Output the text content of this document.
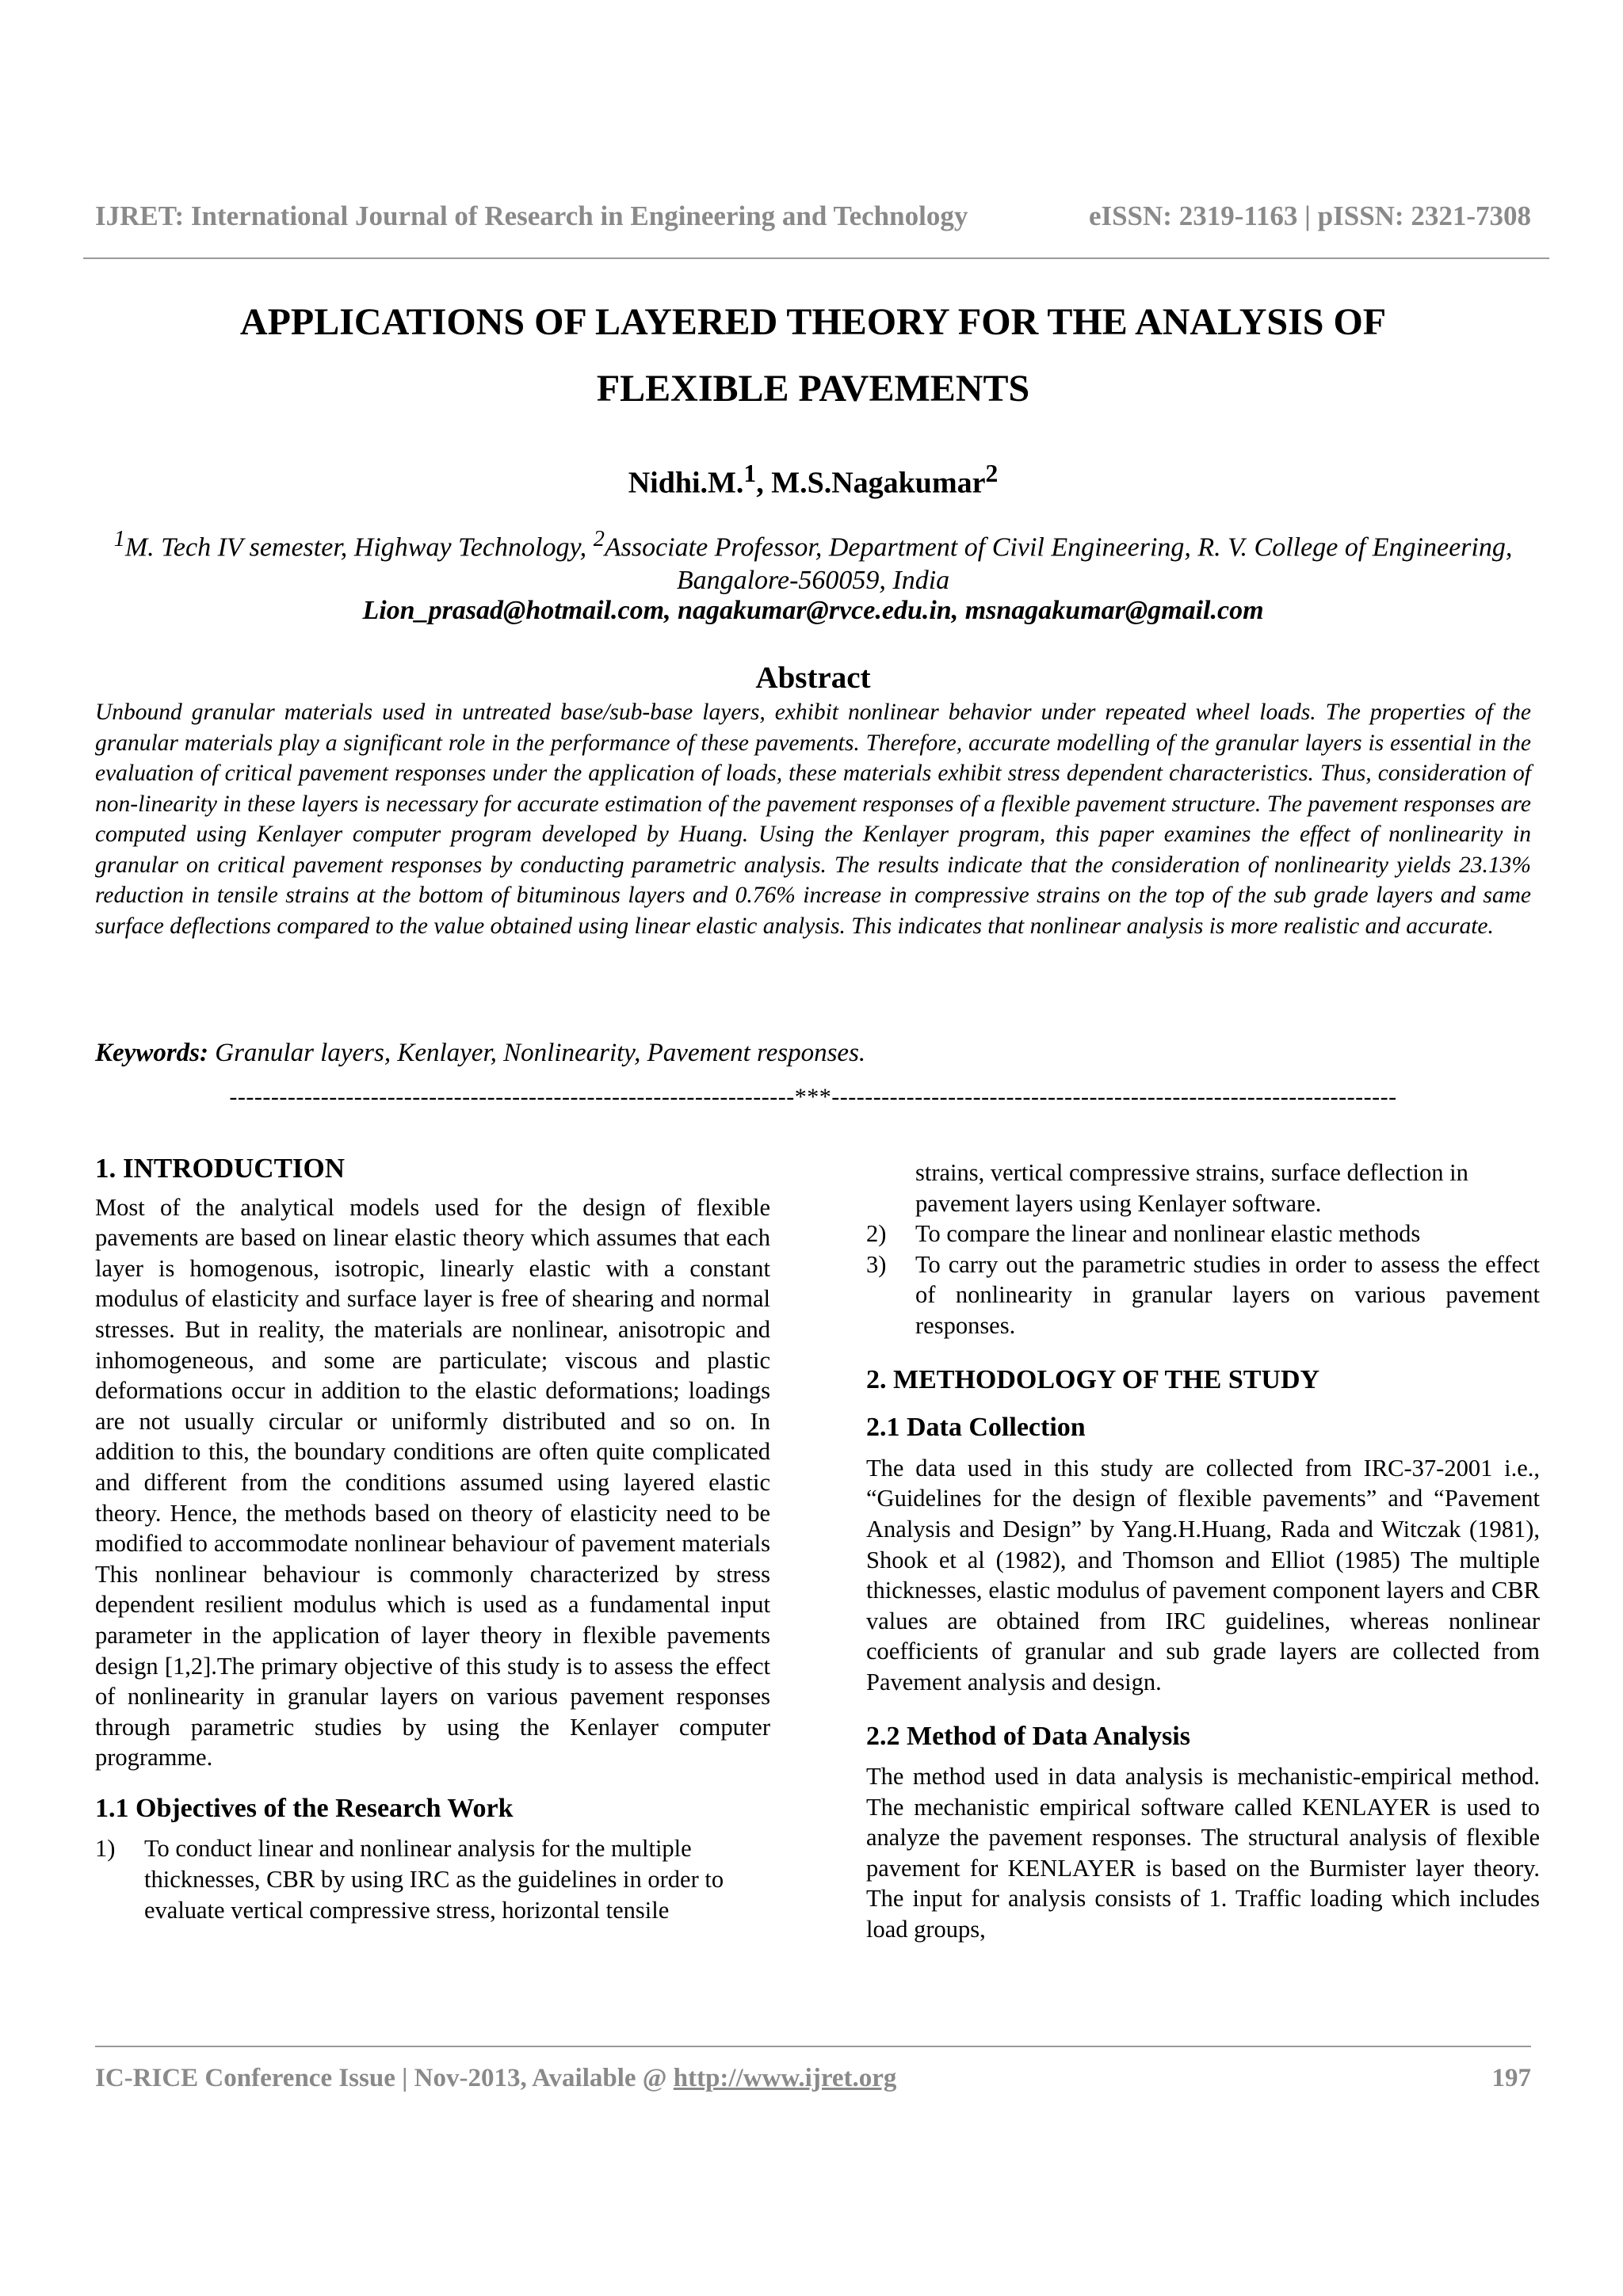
IJRET: International Journal of Research in Engineering and Technology	eISSN: 2319-1163 | pISSN: 2321-7308
APPLICATIONS OF LAYERED THEORY FOR THE ANALYSIS OF
FLEXIBLE PAVEMENTS
Nidhi.M.$^1$, M.S.Nagakumar$^2$
$^1$M. Tech IV semester, Highway Technology, $^2$Associate Professor, Department of Civil Engineering, R. V. College of Engineering, Bangalore-560059, India
Lion_prasad@hotmail.com, nagakumar@rvce.edu.in, msnagakumar@gmail.com
Abstract
Unbound granular materials used in untreated base/sub-base layers, exhibit nonlinear behavior under repeated wheel loads. The properties of the granular materials play a significant role in the performance of these pavements. Therefore, accurate modelling of the granular layers is essential in the evaluation of critical pavement responses under the application of loads, these materials exhibit stress dependent characteristics. Thus, consideration of non-linearity in these layers is necessary for accurate estimation of the pavement responses of a flexible pavement structure. The pavement responses are computed using Kenlayer computer program developed by Huang. Using the Kenlayer program, this paper examines the effect of nonlinearity in granular on critical pavement responses by conducting parametric analysis. The results indicate that the consideration of nonlinearity yields 23.13% reduction in tensile strains at the bottom of bituminous layers and 0.76% increase in compressive strains on the top of the sub grade layers and same surface deflections compared to the value obtained using linear elastic analysis. This indicates that nonlinear analysis is more realistic and accurate.
Keywords: Granular layers, Kenlayer, Nonlinearity, Pavement responses.
--------------------------------------------------------------------***--------------------------------------------------------------------
1. INTRODUCTION

Most of the analytical models used for the design of flexible pavements are based on linear elastic theory which assumes that each layer is homogenous, isotropic, linearly elastic with a constant modulus of elasticity and surface layer is free of shearing and normal stresses. But in reality, the materials are nonlinear, anisotropic and inhomogeneous, and some are particulate; viscous and plastic deformations occur in addition to the elastic deformations; loadings are not usually circular or uniformly distributed and so on. In addition to this, the boundary conditions are often quite complicated and different from the conditions assumed using layered elastic theory. Hence, the methods based on theory of elasticity need to be modified to accommodate nonlinear behaviour of pavement materials This nonlinear behaviour is commonly characterized by stress dependent resilient modulus which is used as a fundamental input parameter in the application of layer theory in flexible pavements design [1,2].The primary objective of this study is to assess the effect of nonlinearity in granular layers on various pavement responses through parametric studies by using the Kenlayer computer programme.

1.1 Objectives of the Research Work
1)	To conduct linear and nonlinear analysis for the multiple thicknesses, CBR by using IRC as the guidelines in order to evaluate vertical compressive stress, horizontal tensile
strains, vertical compressive strains, surface deflection in pavement layers using Kenlayer software.
2)	To compare the linear and nonlinear elastic methods
3)	To carry out the parametric studies in order to assess the effect of nonlinearity in granular layers on various pavement responses.
2. METHODOLOGY OF THE STUDY
2.1 Data Collection

The data used in this study are collected from IRC-37-2001 i.e., “Guidelines for the design of flexible pavements” and “Pavement Analysis and Design” by Yang.H.Huang, Rada and Witczak (1981), Shook et al (1982), and Thomson and Elliot (1985) The multiple thicknesses, elastic modulus of pavement component layers and CBR values are obtained from IRC guidelines, whereas nonlinear coefficients of granular and sub grade layers are collected from Pavement analysis and design.

2.2 Method of Data Analysis

The method used in data analysis is mechanistic-empirical method. The mechanistic empirical software called KENLAYER is used to analyze the pavement responses. The structural analysis of flexible pavement for KENLAYER is based on the Burmister layer theory. The input for analysis consists of 1. Traffic loading which includes load groups,

IC-RICE Conference Issue | Nov-2013, Available @ http://www.ijret.org	197
